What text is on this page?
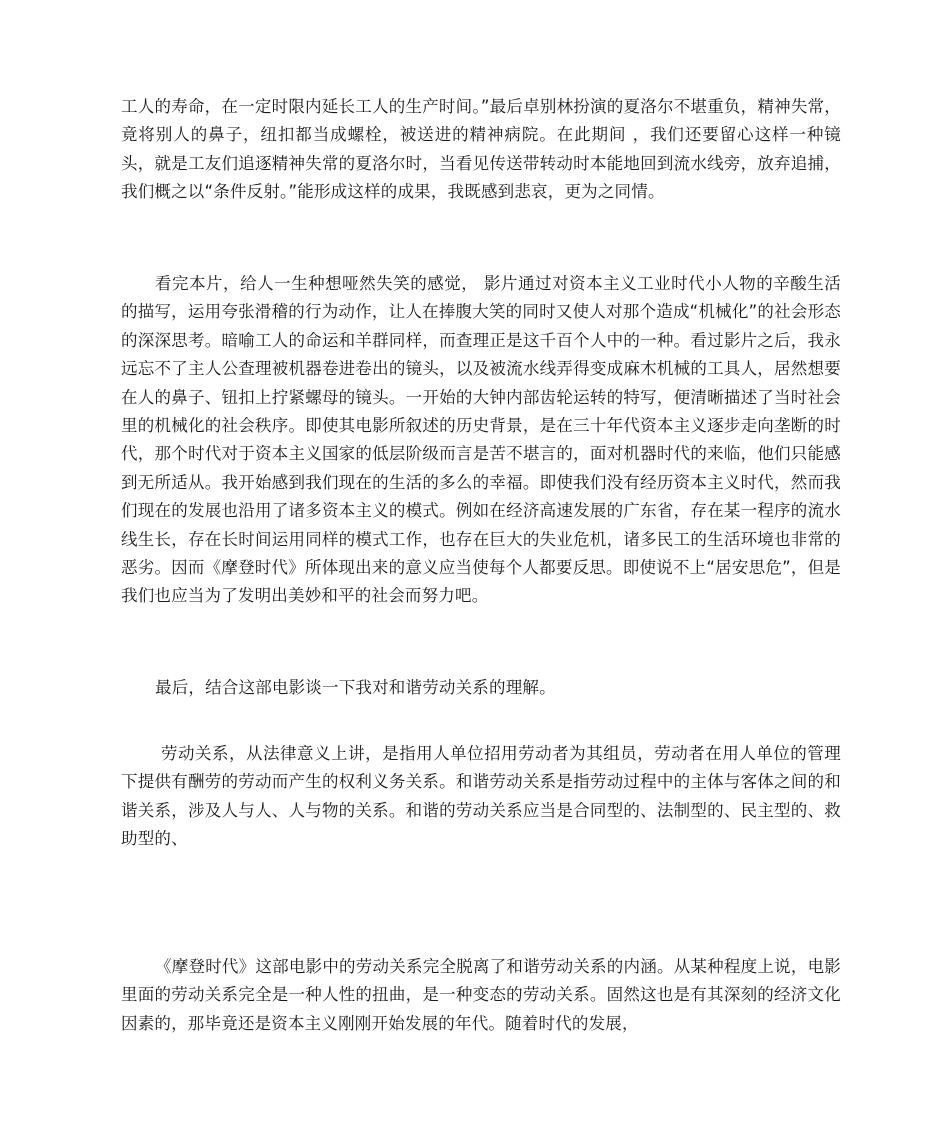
工人的寿命，在一定时限内延长工人的生产时间。”最后卓别林扮演的夏洛尔不堪重负，精神失常，竟将别人的鼻子，纽扣都当成螺栓，被送进的精神病院。在此期间 ，我们还要留心这样一种镜头，就是工友们追逐精神失常的夏洛尔时，当看见传送带转动时本能地回到流水线旁，放弃追捕，我们概之以“条件反射。”能形成这样的成果，我既感到悲哀，更为之同情。

看完本片，给人一生种想哑然失笑的感觉， 影片通过对资本主义工业时代小人物的辛酸生活的描写，运用夸张滑稽的行为动作，让人在捧腹大笑的同时又使人对那个造成“机械化”的社会形态的深深思考。暗喻工人的命运和羊群同样，而查理正是这千百个人中的一种。看过影片之后，我永远忘不了主人公查理被机器卷进卷出的镜头，以及被流水线弄得变成麻木机械的工具人，居然想要在人的鼻子、钮扣上拧紧螺母的镜头。一开始的大钟内部齿轮运转的特写，便清晰描述了当时社会里的机械化的社会秩序。即使其电影所叙述的历史背景，是在三十年代资本主义逐步走向垄断的时代，那个时代对于资本主义国家的低层阶级而言是苦不堪言的，面对机器时代的来临，他们只能感到无所适从。我开始感到我们现在的生活的多么的幸福。即使我们没有经历资本主义时代，然而我们现在的发展也沿用了诸多资本主义的模式。例如在经济高速发展的广东省，存在某一程序的流水线生长，存在长时间运用同样的模式工作，也存在巨大的失业危机，诸多民工的生活环境也非常的恶劣。因而《摩登时代》所体现出来的意义应当使每个人都要反思。即使说不上“居安思危”，但是我们也应当为了发明出美妙和平的社会而努力吧。

最后，结合这部电影谈一下我对和谐劳动关系的理解。

劳动关系，从法律意义上讲，是指用人单位招用劳动者为其组员，劳动者在用人单位的管理下提供有酬劳的劳动而产生的权利义务关系。和谐劳动关系是指劳动过程中的主体与客体之间的和谐关系，涉及人与人、人与物的关系。和谐的劳动关系应当是合同型的、法制型的、民主型的、救助型的、

《摩登时代》这部电影中的劳动关系完全脱离了和谐劳动关系的内涵。从某种程度上说，电影里面的劳动关系完全是一种人性的扭曲，是一种变态的劳动关系。固然这也是有其深刻的经济文化因素的，那毕竟还是资本主义刚刚开始发展的年代。随着时代的发展，
